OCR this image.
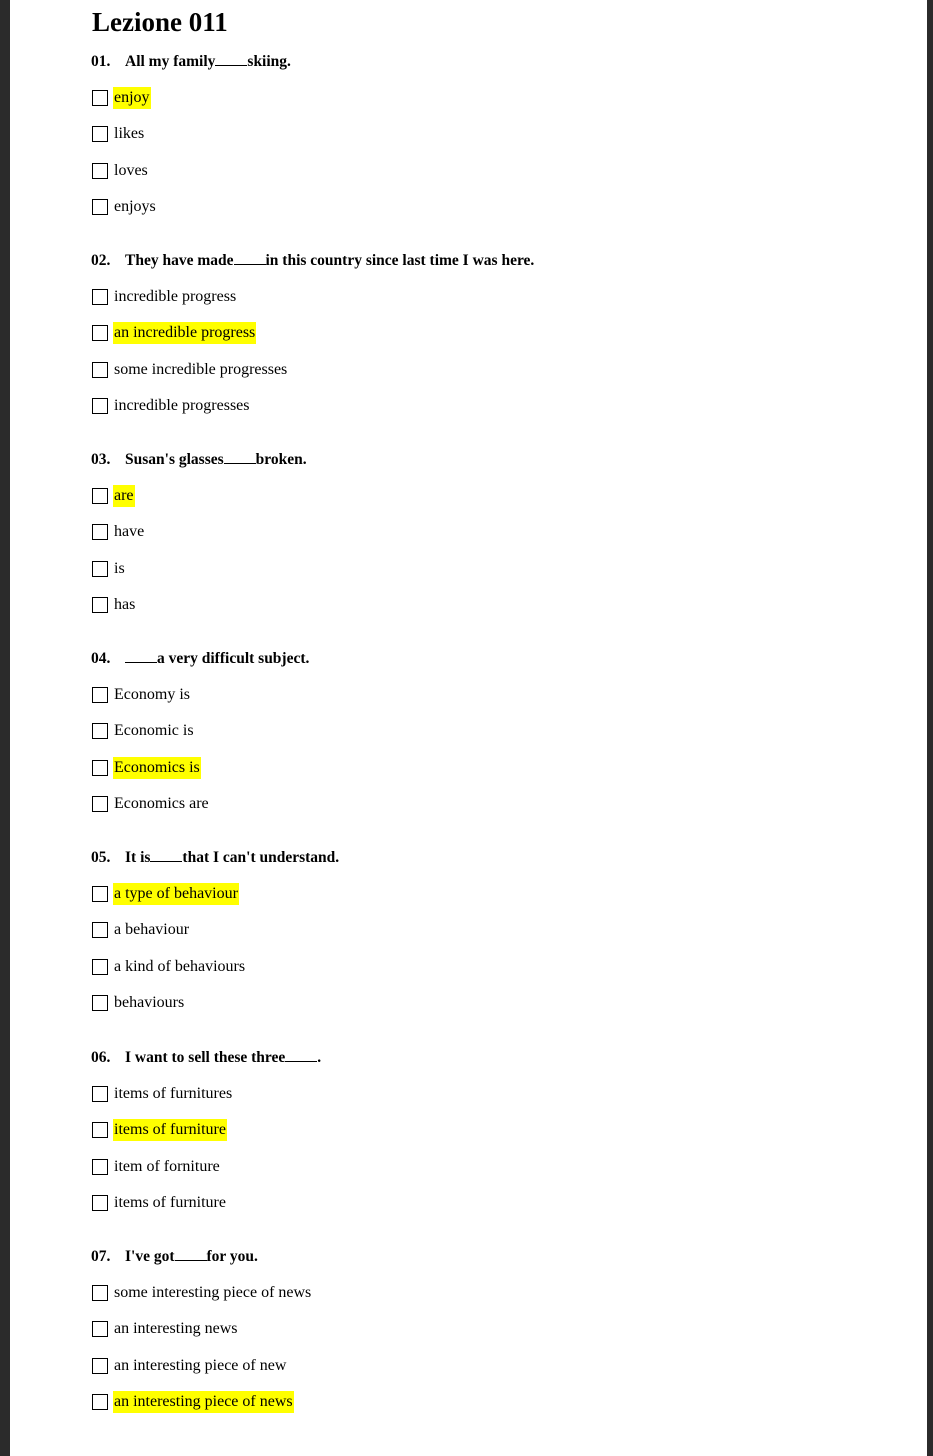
Lezione 011
01. All my family skiing.
enjoy
likes
loves
enjoys
02. They have made in this country since last time I was here.
incredible progress
an incredible progress
some incredible progresses
incredible progresses
03. Susan's glasses broken.
are
have
is
has
04.	a very difficult subject.
Economy is
Economic is
Economics is
Economics are
05. It is that I can't understand.
a type of behaviour
a behaviour
a kind of behaviours
behaviours
06. I want to sell these three .
items of furnitures
items of furniture
item of forniture
items of furniture
07. I've got for you.
some interesting piece of news
an interesting news
an interesting piece of new
an interesting piece of news
